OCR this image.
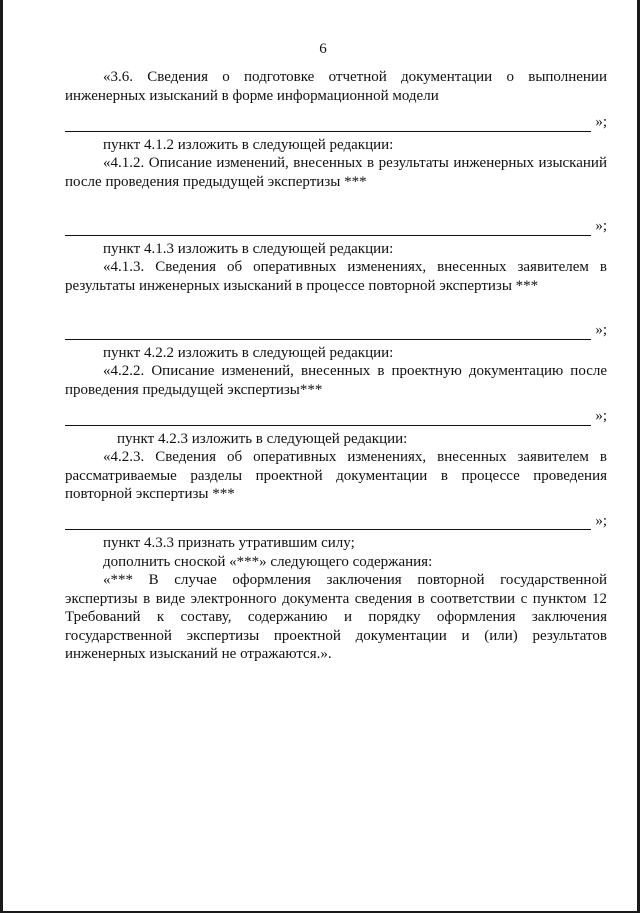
6

«3.6. Сведения о подготовке отчетной документации о выполнении инженерных изысканий в форме информационной модели

»;

пункт 4.1.2 изложить в следующей редакции:

«4.1.2. Описание изменений, внесенных в результаты инженерных изысканий после проведения предыдущей экспертизы ***

»;

пункт 4.1.3 изложить в следующей редакции:

«4.1.3. Сведения об оперативных изменениях, внесенных заявителем в результаты инженерных изысканий в процессе повторной экспертизы ***

»;

пункт 4.2.2 изложить в следующей редакции:

«4.2.2. Описание изменений, внесенных в проектную документацию после проведения предыдущей экспертизы***

»;

пункт 4.2.3 изложить в следующей редакции:

«4.2.3. Сведения об оперативных изменениях, внесенных заявителем в рассматриваемые разделы проектной документации в процессе проведения повторной экспертизы ***

»;

пункт 4.3.3 признать утратившим силу;

дополнить сноской «***» следующего содержания:

«*** В случае оформления заключения повторной государственной экспертизы в виде электронного документа сведения в соответствии с пунктом 12 Требований к составу, содержанию и порядку оформления заключения государственной экспертизы проектной документации и (или) результатов инженерных изысканий не отражаются.».
